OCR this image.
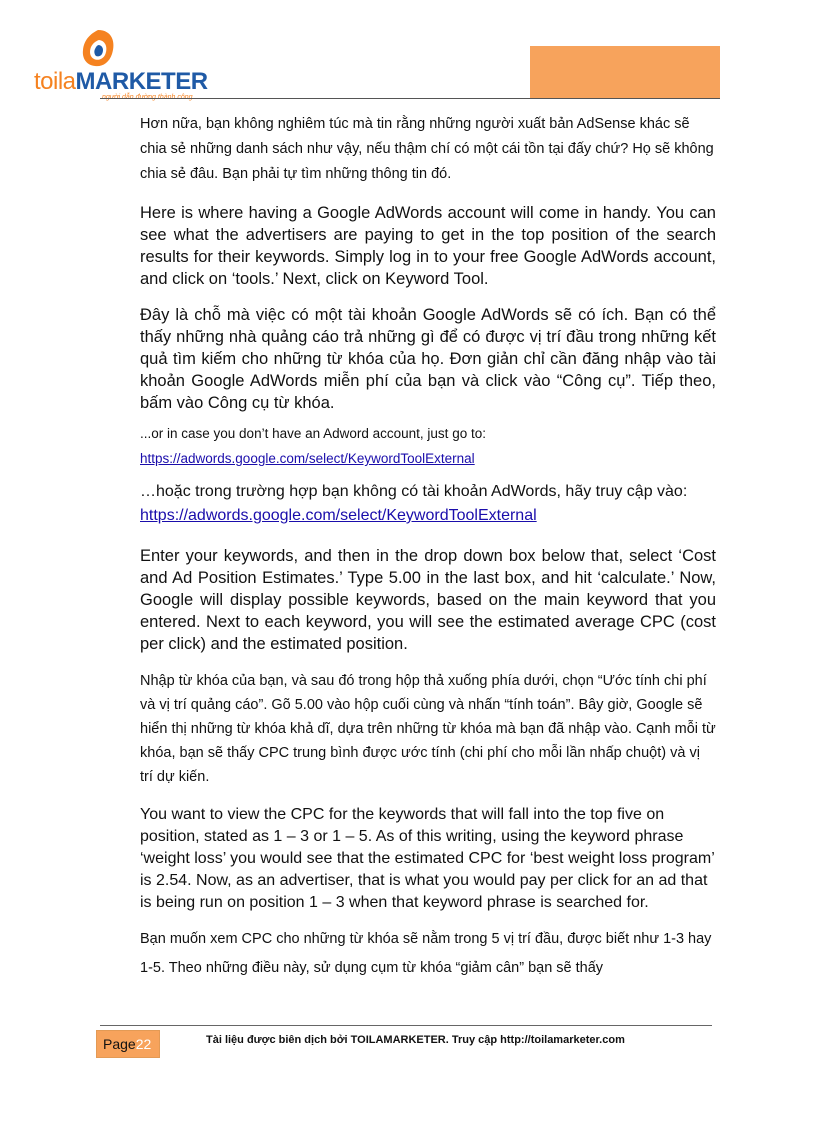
toilaMARKETER
người dẫn đường thành công

Hơn nữa, bạn không nghiêm túc mà tin rằng những người xuất bản AdSense khác sẽ chia sẻ những danh sách như vậy, nếu thậm chí có một cái tồn tại đấy chứ? Họ sẽ không chia sẻ đâu. Bạn phải tự tìm những thông tin đó.

Here is where having a Google AdWords account will come in handy. You can see what the advertisers are paying to get in the top position of the search results for their keywords. Simply log in to your free Google AdWords account, and click on ‘tools.’ Next, click on Keyword Tool.

Đây là chỗ mà việc có một tài khoản Google AdWords sẽ có ích. Bạn có thể thấy những nhà quảng cáo trả những gì để có được vị trí đầu trong những kết quả tìm kiếm cho những từ khóa của họ. Đơn giản chỉ cần đăng nhập vào tài khoản Google AdWords miễn phí của bạn và click vào “Công cụ”. Tiếp theo, bấm vào Công cụ từ khóa.

...or in case you don’t have an Adword account, just go to:

https://adwords.google.com/select/KeywordToolExternal

…hoặc trong trường hợp bạn không có tài khoản AdWords, hãy truy cập vào: https://adwords.google.com/select/KeywordToolExternal

Enter your keywords, and then in the drop down box below that, select ‘Cost and Ad Position Estimates.’ Type 5.00 in the last box, and hit ‘calculate.’ Now, Google will display possible keywords, based on the main keyword that you entered. Next to each keyword, you will see the estimated average CPC (cost per click) and the estimated position.

Nhập từ khóa của bạn, và sau đó trong hộp thả xuống phía dưới, chọn “Ước tính chi phí và vị trí quảng cáo”. Gõ 5.00 vào hộp cuối cùng và nhấn “tính toán”. Bây giờ, Google sẽ hiển thị những từ khóa khả dĩ, dựa trên những từ khóa mà bạn đã nhập vào. Cạnh mỗi từ khóa, bạn sẽ thấy CPC trung bình được ước tính (chi phí cho mỗi lần nhấp chuột) và vị trí dự kiến.

You want to view the CPC for the keywords that will fall into the top five on position, stated as 1 – 3 or 1 – 5. As of this writing, using the keyword phrase ‘weight loss’ you would see that the estimated CPC for ‘best weight loss program’ is 2.54. Now, as an advertiser, that is what you would pay per click for an ad that is being run on position 1 – 3 when that keyword phrase is searched for.

Bạn muốn xem CPC cho những từ khóa sẽ nằm trong 5 vị trí đầu, được biết như 1-3 hay 1-5. Theo những điều này, sử dụng cụm từ khóa “giảm cân” bạn sẽ thấy

Page22	Tài liệu được biên dịch bởi TOILAMARKETER. Truy cập http://toilamarketer.com
